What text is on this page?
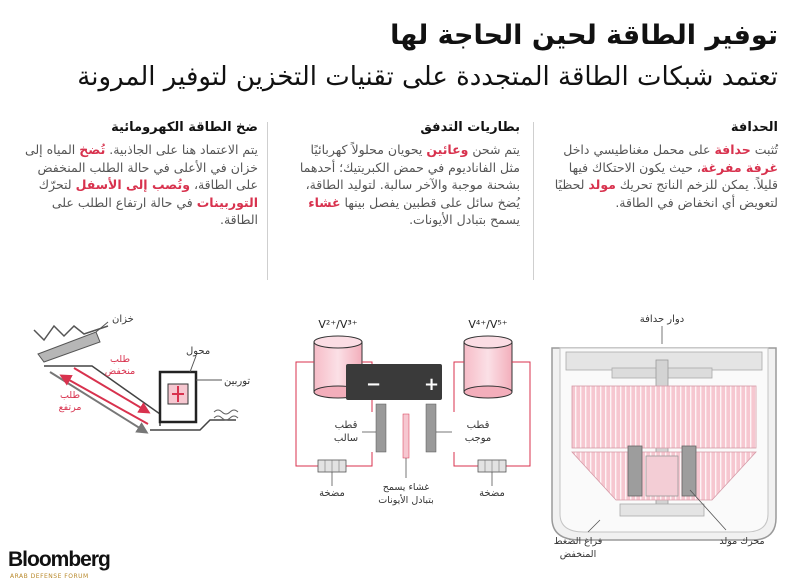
توفير الطاقة لحين الحاجة لها
تعتمد شبكات الطاقة المتجددة على تقنيات التخزين لتوفير المرونة
الحدافة

تُثبت حدافة على محمل مغناطيسي داخل غرفة مفرغة، حيث يكون الاحتكاك فيها قليلاً. يمكن للزخم الناتج تحريك مولد لحظيًا لتعويض أي انخفاض في الطاقة.

بطاريات التدفق

يتم شحن وعائين يحويان محلولاً كهربائيًا مثل الفاناديوم في حمض الكبريتيك؛ أحدهما بشحنة موجبة والآخر سالبة. لتوليد الطاقة، يُضخ سائل على قطبين يفصل بينها غشاء يسمح بتبادل الأيونات.

ضخ الطاقة الكهرومائية

يتم الاعتماد هنا على الجاذبية. تُضخ المياه إلى خزان في الأعلى في حالة الطلب المنخفض على الطاقة، وتُصب إلى الأسفل لتحرّك التوربينات في حالة ارتفاع الطلب على الطاقة.

خزان
محول
طلب
منخفض
طلب
مرتفع
توربين
V²⁺/V³⁺	V⁴⁺/V⁵⁺
− +
قطب
سالب
قطب
موجب
مضخة	مضخة
غشاء يسمح
بتبادل الأيونات
دوار حدافة
فراغ الضغط
المنخفض
محرك مولد
Bloomberg
ARAB DEFENSE FORUM
